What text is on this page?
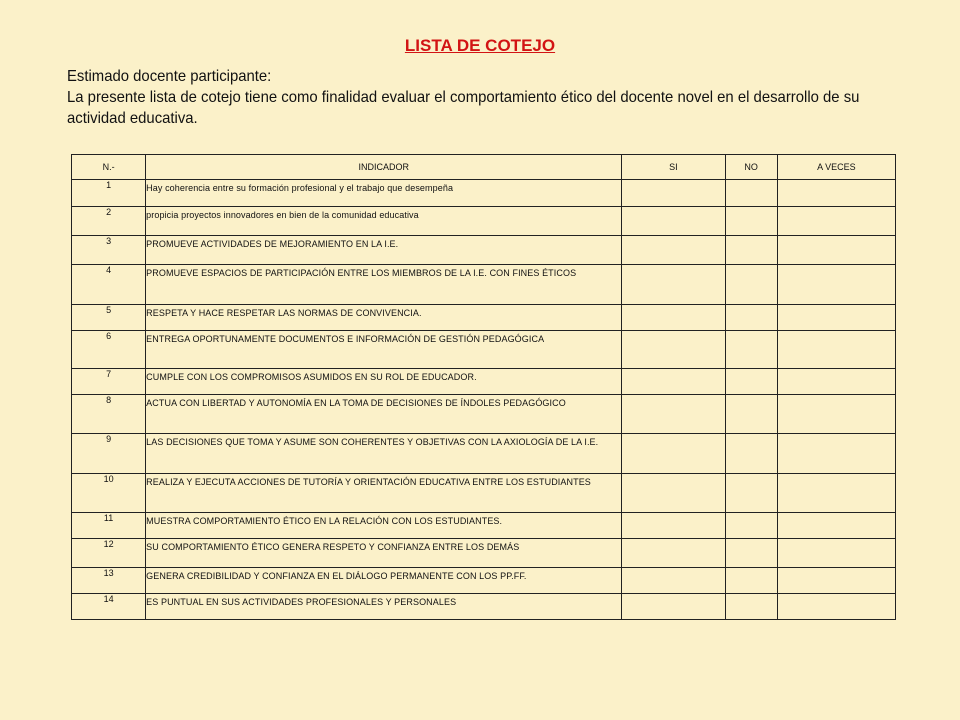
LISTA DE COTEJO
Estimado docente participante:
La presente lista de cotejo tiene como finalidad evaluar el comportamiento ético del docente novel en el desarrollo de su
actividad educativa.
N.-	INDICADOR	SI	NO	A VECES
1	Hay coherencia entre su formación profesional y el trabajo que desempeña			
2	propicia proyectos innovadores en bien de la comunidad educativa			
3	PROMUEVE ACTIVIDADES DE MEJORAMIENTO EN LA I.E.			
4	PROMUEVE ESPACIOS DE PARTICIPACIÓN ENTRE LOS MIEMBROS DE LA I.E. CON FINES ÉTICOS			
5	RESPETA Y HACE RESPETAR LAS NORMAS DE CONVIVENCIA.			
6	ENTREGA OPORTUNAMENTE DOCUMENTOS E INFORMACIÓN DE GESTIÓN PEDAGÓGICA			
7	CUMPLE CON LOS COMPROMISOS ASUMIDOS EN SU ROL DE EDUCADOR.			
8	ACTUA CON LIBERTAD Y AUTONOMÍA EN LA TOMA DE DECISIONES DE ÍNDOLES PEDAGÓGICO			
9	LAS DECISIONES QUE TOMA Y ASUME SON COHERENTES Y OBJETIVAS CON LA AXIOLOGÍA DE LA I.E.			
10	REALIZA Y EJECUTA ACCIONES DE TUTORÍA Y ORIENTACIÓN EDUCATIVA ENTRE LOS ESTUDIANTES			
11	MUESTRA COMPORTAMIENTO ÉTICO EN LA RELACIÓN CON LOS ESTUDIANTES.			
12	SU COMPORTAMIENTO ÉTICO GENERA RESPETO Y CONFIANZA ENTRE LOS DEMÁS			
13	GENERA CREDIBILIDAD Y CONFIANZA EN EL DIÁLOGO PERMANENTE CON LOS PP.FF.			
14	ES PUNTUAL EN SUS ACTIVIDADES PROFESIONALES Y PERSONALES			
